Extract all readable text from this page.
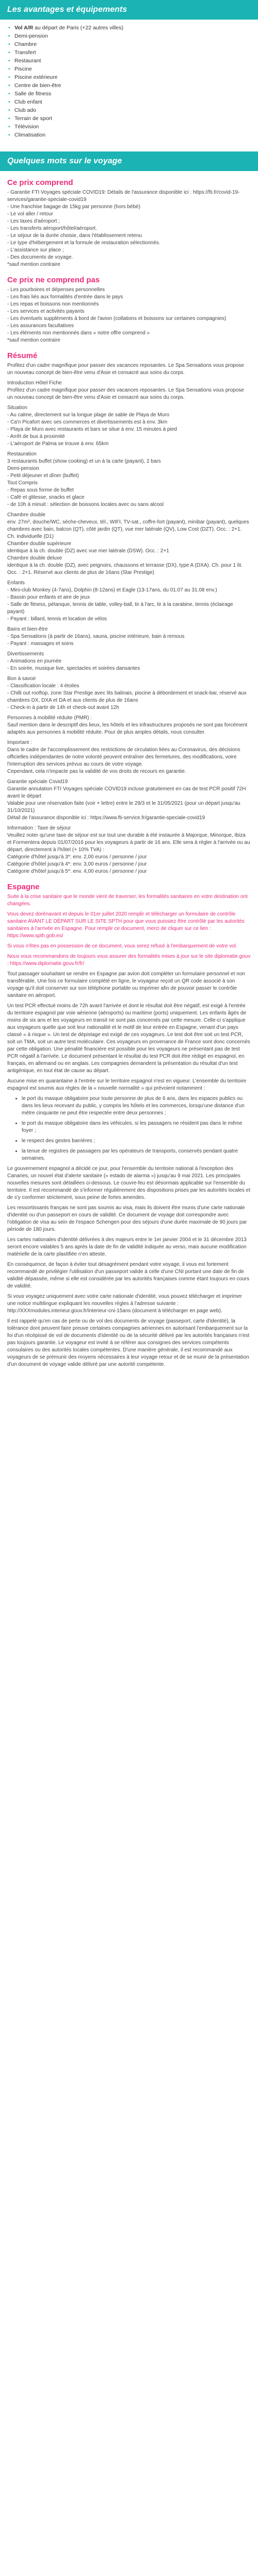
Les avantages et équipements
• Vol A/R au départ de Paris (+22 autres villes)
• Demi-pension
• Chambre
• Transfert
• Restaurant
• Piscine
• Piscine extérieure
• Centre de bien-être
• Salle de fitness
• Club enfant
• Club ado
• Terrain de sport
• Télévision
• Climatisation
Quelques mots sur le voyage
Ce prix comprend

- Garantie FTI Voyages spéciale COVID19: Détails de l'assurance disponible ici : https://fti.fr/covid-19-services/garantie-speciale-covid19
- Une franchise bagage de 15kg par personne (hors bébé)
- Le vol aller / retour
- Les taxes d'aéroport ;
- Les transferts aéroport/hôtel/aéroport.
- Le séjour de la durée choisie, dans l'établissement retenu
- Le type d'hébergement et la formule de restauration sélectionnés.
- L'assistance sur place ;
- Des documents de voyage.
*sauf mention contraire

Ce prix ne comprend pas

- Les pourboires et dépenses personnelles
- Les frais liés aux formalités d'entrée dans le pays
- Les repas et boissons non mentionnés
- Les services et activités payants
- Les éventuels suppléments à bord de l'avion (collations et boissons sur certaines compagnies)
- Les assurances facultatives
- Les éléments non mentionnés dans « notre offre comprend »
*sauf mention contraire

Résumé

Profitez d'un cadre magnifique pour passer des vacances reposantes. Le Spa Sensations vous propose un nouveau concept de bien-être venu d'Asie et consacré aux soins du corps.

Introduction Hôtel Fiche

Profitez d'un cadre magnifique pour passer des vacances reposantes. Le Spa Sensations vous propose un nouveau concept de bien-être venu d'Asie et consacré aux soins du corps.

Situation

- Au calme, directement sur la longue plage de sable de Playa de Muro
- Ca'n Picafort avec ses commerces et divertissements est à env. 3km
- Playa de Muro avec restaurants et bars se situe à env. 15 minutes à pied
- Arrêt de bus à proximité
- L'aéroport de Palma se trouve à env. 65km

Restauration

3 restaurants buffet (show cooking) et un à la carte (payant), 2 bars

Demi-pension

- Petit déjeuner et dîner (buffet)

Tout Compris

- Repas sous forme de buffet
- Café et glitesse, snacks et glace
- de 10h à minuit : sélection de boissons locales avec ou sans alcool

Chambre double

env. 27m², douche/WC, sèche-cheveux, tél., WIFI, TV-sat., coffre-fort (payant), minibar (payant), quelques chambres avec bain, balcon (QT), côté jardin (QT), vue mer latérale (QV), Low Cost (DZT). Occ. : 2+1. Ch. individuelle (D1)
Chambre double supérieure
identique à la ch. double (DZ) avec vue mer latérale (DSW). Occ. : 2+1
Chambre double deluxe
identique à la ch. double (DZ), avec peignoirs, chaussons et terrasse (DX), type A (DXA). Ch. pour 1 lit. Occ. : 2+1. Réservé aux clients de plus de 16ans (Star Prestige)

Enfants

- Mini-club Monkey (4-7ans), Dolphin (8-12ans) et Eagle (13-17ans, du 01.07 au 31.08 env.)
- Bassin pour enfants et aire de jeux
- Salle de fitness, pétanque, tennis de table, volley-ball, tir à l'arc, tir à la carabine, tennis (éclairage payant)
- Payant : billard, tennis et location de vélos

Bains et bien-être

- Spa Sensations (à partir de 16ans), sauna, piscine intérieure, bain à remous
- Payant : massages et soins

Divertissements

- Animations en journée
- En soirée, musique live, spectacles et soirées dansantes

Bon à savoir

- Classification locale : 4 étoiles
- Chilli out rooftop, zone Star Prestige avec lits balinais, piscine à débordement et snack-bar, réservé aux chambres DX, DXA et DA et aux clients de plus de 16ans
- Check-in à partir de 14h et check-out avant 12h

Personnes à mobilité réduite (PMR) :

Sauf mention dans le descriptif des lieux, les hôtels et les infrastructures proposés ne sont pas forcément adaptés aux personnes à mobilité réduite. Pour de plus amples détails, nous consulter.

Important :

Dans le cadre de l'accomplissement des restrictions de circulation liées au Coronavirus, des décisions officielles indépendantes de notre volonté peuvent entraîner des fermetures, des modifications, voire l'interruption des services prévus au cours de votre voyage.
Cependant, cela n'impacte pas la validité de vos droits de recours en garantie.

Garantie spéciale Covid19

Garantie annulation FTI Voyages spéciale COVID19 incluse gratuitement en cas de test PCR positif 72H avant le départ
Valable pour une réservation faite (voir + lettre) entre le 29/3 et le 31/05/2021 (pour un départ jusqu'au 31/10/2021)
Détail de l'assurance disponible ici : https://www.fti-service.fr/garantie-speciale-covid19

Information : Taxe de séjour

Veuillez noter qu'une taxe de séjour est sur tout une durable à été instaurée à Majorque, Minorque, Ibiza et Formentera depuis 01/07/2016 pour les voyageurs à partir de 16 ans. Elle sera à régler à l'arrivée ou au départ, directement à l'hôtel (+ 10% TVA) :

Catégorie d'hôtel jusqu'à 3*: env. 2,00 euros / personne / jour

Catégorie d'hôtel jusqu'à 4*: env. 3,00 euros / personne / jour

Catégorie d'hôtel jusqu'à 5*: env. 4,00 euros / personne / jour

Espagne

Suite à la crise sanitaire que le monde vient de traverser, les formalités sanitaires en votre destination ont changées.

Vous devez dorénavant et depuis le 01er juillet 2020 remplir et télécharger un formulaire de contrôle sanitaire AVANT LE DÉPART SUR LE SITE SPTH pour que vous puissiez être contrôlé par les autorités sanitaires à l'arrivée en Espagne. Pour remplir ce document, merci de cliquer sur ce lien : https://www.spth.gob.es/

Si vous n'êtes pas en possession de ce document, vous serez refusé à l'embarquement de votre vol.

Nous vous recommandons de toujours vous assurer des formalités mises à jour sur le site diplomatie.gouv : https://www.diplomatie.gouv.fr/fr/

Tout passager souhaitant se rendre en Espagne par avion doit compléter un formulaire personnel et non transférable. Une fois ce formulaire complété en ligne, le voyageur reçoit un QR code associé à son voyage qu'il doit conserver sur son téléphone portable ou imprimer afin de pouvoir passer le contrôle sanitaire en aéroport.

Un test PCR effectué moins de 72h avant l'arrivée et dont le résultat doit être négatif, est exigé à l'entrée du territoire espagnol par voie aérienne (aéroports) ou maritime (ports) uniquement. Les enfants âgés de moins de six ans et les voyageurs en transit ne sont pas concernés par cette mesure. Celle-ci s'applique aux voyageurs quelle que soit leur nationalité et le motif de leur entrée en Espagne, venant d'un pays classé « à risque ». Un test de dépistage est exigé de ces voyageurs. Le test doit être soit un test PCR, soit un TMA, soit un autre test moléculaire. Ces voyageurs en provenance de France sont donc concernés par cette obligation. Une pénalité financière est possible pour les voyageurs ne présentant pas de test PCR négatif à l'arrivée. Le document présentant le résultat du test PCR doit être rédigé en espagnol, en français, en allemand ou en anglais. Les compagnies demandent la présentation du résultat d'un test antigénique, en tout état de cause au départ.

Aucune mise en quarantaine à l'entrée sur le territoire espagnol n'est en vigueur. L'ensemble du territoire espagnol est soumis aux règles de la « nouvelle normalité » qui prévoient notamment :

• le port du masque obligatoire pour toute personne de plus de 6 ans, dans les espaces publics ou dans les lieux recevant du public, y compris les hôtels et les commerces, lorsqu'une distance d'un mètre cinquante ne peut être respectée entre deux personnes ;
• le port du masque obligatoire dans les véhicules, si les passagers ne résident pas dans le même foyer ;
• le respect des gestes barrières ;
• la tenue de registres de passagers par les opérateurs de transports, conservés pendant quatre semaines.

Le gouvernement espagnol a décidé ce jour, pour l'ensemble du territoire national à l'exception des Canaries, un nouvel état d'alerte sanitaire (« estado de alarma ») jusqu'au 9 mai 2021. Les principales nouvelles mesures sont détaillées ci-dessous. Le couvre-feu est désormais applicable sur l'ensemble du territoire. Il est recommandé de s'informer régulièrement des dispositions prises par les autorités locales et de s'y conformer strictement, sous peine de fortes amendes.

Les ressortissants français ne sont pas soumis au visa, mais ils doivent être munis d'une carte nationale d'identité ou d'un passeport en cours de validité. Ce document de voyage doit correspondre avec l'obligation de visa au sein de l'espace Schengen pour des séjours d'une durée maximale de 90 jours par période de 180 jours.

Les cartes nationales d'identité délivrées à des majeurs entre le 1er janvier 2004 et le 31 décembre 2013 seront encore valables 5 ans après la date de fin de validité indiquée au verso, mais aucune modification matérielle de la carte plastifiée n'en atteste.

En conséquence, de façon à éviter tout désagrément pendant votre voyage, il vous est fortement recommandé de privilégier l'utilisation d'un passeport valide à celle d'une CNI portant une date de fin de validité dépassée, même si elle est considérée par les autorités françaises comme étant toujours en cours de validité.

Si vous voyagez uniquement avec votre carte nationale d'identité, vous pouvez télécharger et imprimer une notice multilingue expliquant les nouvelles règles à l'adresse suivante : http://XXXmodules.interieur.gouv.fr/interieur-cni-15ans (document à télécharger en page web).

Il est rappelé qu'en cas de perte ou de vol des documents de voyage (passeport, carte d'identité), la tolérance dont peuvent faire preuve certaines compagnies aériennes en autorisant l'embarquement sur la foi d'un récépissé de vol de documents d'identité ou de la sécurité délivré par les autorités françaises n'est pas toujours garantie. Le voyageur est invité à se référer aux consignes des services compétents consulaires ou des autorités locales compétentes. D'une manière générale, il est recommandé aux voyageurs de se prémunir des moyens nécessaires à leur voyage retour et de se munir de la présentation d'un document de voyage valide délivré par une autorité compétente.
